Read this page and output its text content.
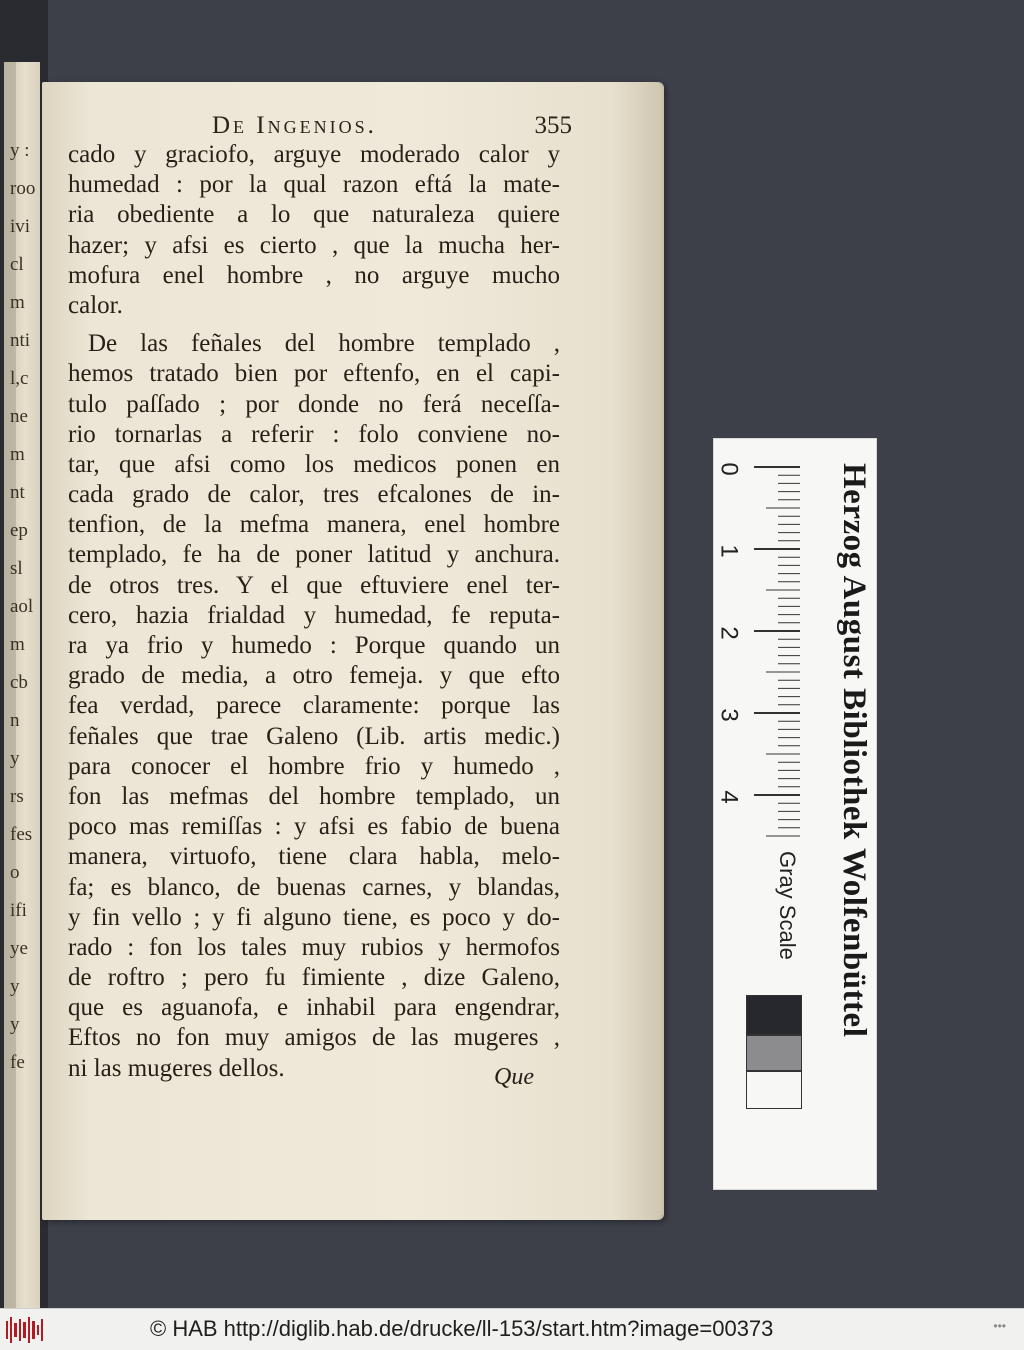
y :
roo
ivi
cl
m
nti
l,c
ne
m
nt
ep
sl
aol
m
cb
n
y
rs
fes
o
ifi
ye
y
y
fe
De Ingenios.	355
cado y graciofo, arguye moderado calor y
humedad : por la qual razon eftá la mate-
ria obediente a lo que naturaleza quiere
hazer; y afsi es cierto , que la mucha her-
mofura enel hombre , no arguye mucho
calor.
De las feñales del hombre templado ,
hemos tratado bien por eftenfo, en el capi-
tulo paſſado ; por donde no ferá neceſſa-
rio tornarlas a referir : folo conviene no-
tar, que afsi como los medicos ponen en
cada grado de calor, tres efcalones de in-
tenfion, de la mefma manera, enel hombre
templado, fe ha de poner latitud y anchura.
de otros tres. Y el que eftuviere enel ter-
cero, hazia frialdad y humedad, fe reputa-
ra ya frio y humedo : Porque quando un
grado de media, a otro femeja. y que efto
fea verdad, parece claramente: porque las
feñales que trae Galeno (Lib. artis medic.)
para conocer el hombre frio y humedo ,
fon las mefmas del hombre templado, un
poco mas remiſſas : y afsi es fabio de buena
manera, virtuofo, tiene clara habla, melo-
fa; es blanco, de buenas carnes, y blandas,
y fin vello ; y fi alguno tiene, es poco y do-
rado : fon los tales muy rubios y hermofos
de roftro ; pero fu fimiente , dize Galeno,
que es aguanofa, e inhabil para engendrar,
Eftos no fon muy amigos de las mugeres ,
ni las mugeres dellos.	Que
Herzog August Bibliothek Wolfenbüttel
0
1
2
3
4
Gray Scale
© HAB http://diglib.hab.de/drucke/ll-153/start.htm?image=00373	•••
